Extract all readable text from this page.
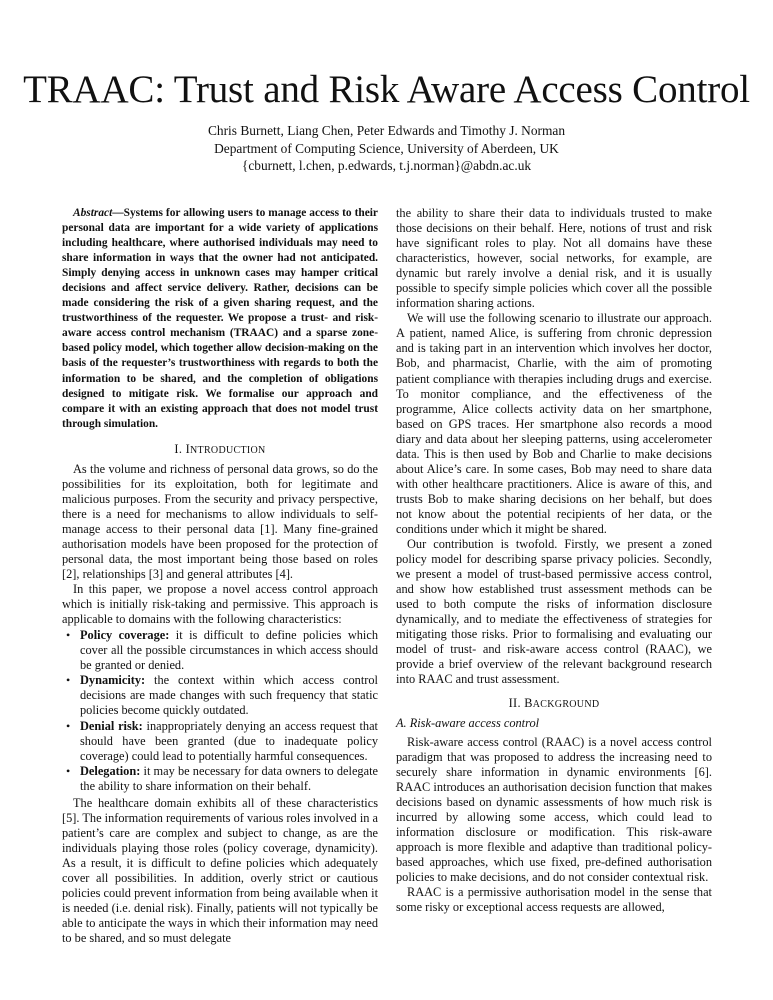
TRAAC: Trust and Risk Aware Access Control
Chris Burnett, Liang Chen, Peter Edwards and Timothy J. Norman
Department of Computing Science, University of Aberdeen, UK
{cburnett, l.chen, p.edwards, t.j.norman}@abdn.ac.uk

Abstract—Systems for allowing users to manage access to their personal data are important for a wide variety of applications including healthcare, where authorised individuals may need to share information in ways that the owner had not anticipated. Simply denying access in unknown cases may hamper critical decisions and affect service delivery. Rather, decisions can be made considering the risk of a given sharing request, and the trustworthiness of the requester. We propose a trust- and risk-aware access control mechanism (TRAAC) and a sparse zone-based policy model, which together allow decision-making on the basis of the requester’s trustworthiness with regards to both the information to be shared, and the completion of obligations designed to mitigate risk. We formalise our approach and compare it with an existing approach that does not model trust through simulation.

I. INTRODUCTION

As the volume and richness of personal data grows, so do the possibilities for its exploitation, both for legitimate and malicious purposes. From the security and privacy perspective, there is a need for mechanisms to allow individuals to self-manage access to their personal data [1]. Many fine-grained authorisation models have been proposed for the protection of personal data, the most important being those based on roles [2], relationships [3] and general attributes [4].

In this paper, we propose a novel access control approach which is initially risk-taking and permissive. This approach is applicable to domains with the following characteristics:

• Policy coverage: it is difficult to define policies which cover all the possible circumstances in which access should be granted or denied.
• Dynamicity: the context within which access control decisions are made changes with such frequency that static policies become quickly outdated.
• Denial risk: inappropriately denying an access request that should have been granted (due to inadequate policy coverage) could lead to potentially harmful consequences.
• Delegation: it may be necessary for data owners to delegate the ability to share information on their behalf.

The healthcare domain exhibits all of these characteristics [5]. The information requirements of various roles involved in a patient’s care are complex and subject to change, as are the individuals playing those roles (policy coverage, dynamicity). As a result, it is difficult to define policies which adequately cover all possibilities. In addition, overly strict or cautious policies could prevent information from being available when it is needed (i.e. denial risk). Finally, patients will not typically be able to anticipate the ways in which their information may need to be shared, and so must delegate

the ability to share their data to individuals trusted to make those decisions on their behalf. Here, notions of trust and risk have significant roles to play. Not all domains have these characteristics, however, social networks, for example, are dynamic but rarely involve a denial risk, and it is usually possible to specify simple policies which cover all the possible information sharing actions.

We will use the following scenario to illustrate our approach. A patient, named Alice, is suffering from chronic depression and is taking part in an intervention which involves her doctor, Bob, and pharmacist, Charlie, with the aim of promoting patient compliance with therapies including drugs and exercise. To monitor compliance, and the effectiveness of the programme, Alice collects activity data on her smartphone, based on GPS traces. Her smartphone also records a mood diary and data about her sleeping patterns, using accelerometer data. This is then used by Bob and Charlie to make decisions about Alice’s care. In some cases, Bob may need to share data with other healthcare practitioners. Alice is aware of this, and trusts Bob to make sharing decisions on her behalf, but does not know about the potential recipients of her data, or the conditions under which it might be shared.

Our contribution is twofold. Firstly, we present a zoned policy model for describing sparse privacy policies. Secondly, we present a model of trust-based permissive access control, and show how established trust assessment methods can be used to both compute the risks of information disclosure dynamically, and to mediate the effectiveness of strategies for mitigating those risks. Prior to formalising and evaluating our model of trust- and risk-aware access control (RAAC), we provide a brief overview of the relevant background research into RAAC and trust assessment.

II. BACKGROUND
A. Risk-aware access control

Risk-aware access control (RAAC) is a novel access control paradigm that was proposed to address the increasing need to securely share information in dynamic environments [6]. RAAC introduces an authorisation decision function that makes decisions based on dynamic assessments of how much risk is incurred by allowing some access, which could lead to information disclosure or modification. This risk-aware approach is more flexible and adaptive than traditional policy-based approaches, which use fixed, pre-defined authorisation policies to make decisions, and do not consider contextual risk.

RAAC is a permissive authorisation model in the sense that some risky or exceptional access requests are allowed,
